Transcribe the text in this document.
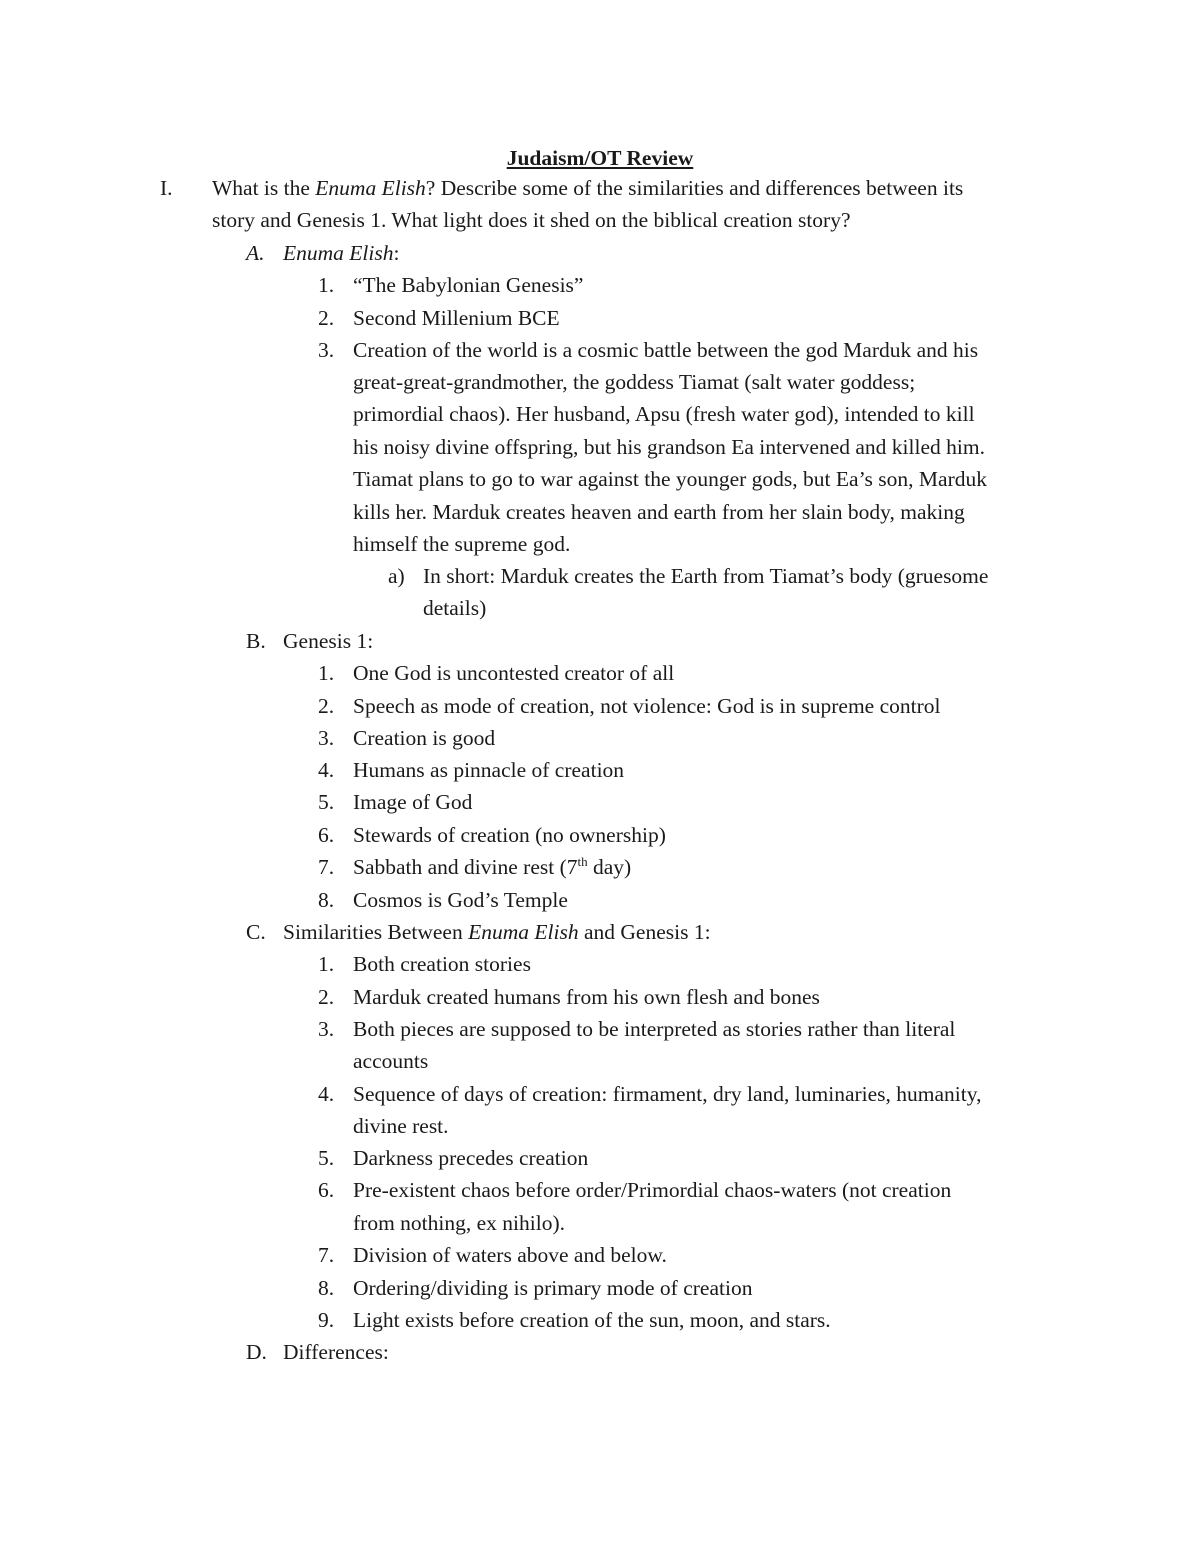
Judaism/OT Review
I. What is the Enuma Elish? Describe some of the similarities and differences between its
story and Genesis 1. What light does it shed on the biblical creation story?
A. Enuma Elish:
1. “The Babylonian Genesis”
2. Second Millenium BCE
3. Creation of the world is a cosmic battle between the god Marduk and his
great-great-grandmother, the goddess Tiamat (salt water goddess;
primordial chaos). Her husband, Apsu (fresh water god), intended to kill
his noisy divine offspring, but his grandson Ea intervened and killed him.
Tiamat plans to go to war against the younger gods, but Ea’s son, Marduk
kills her. Marduk creates heaven and earth from her slain body, making
himself the supreme god.
a) In short: Marduk creates the Earth from Tiamat’s body (gruesome
details)
B. Genesis 1:
1. One God is uncontested creator of all
2. Speech as mode of creation, not violence: God is in supreme control
3. Creation is good
4. Humans as pinnacle of creation
5. Image of God
6. Stewards of creation (no ownership)
7. Sabbath and divine rest (7th day)
8. Cosmos is God’s Temple
C. Similarities Between Enuma Elish and Genesis 1:
1. Both creation stories
2. Marduk created humans from his own flesh and bones
3. Both pieces are supposed to be interpreted as stories rather than literal
accounts
4. Sequence of days of creation: firmament, dry land, luminaries, humanity,
divine rest.
5. Darkness precedes creation
6. Pre-existent chaos before order/Primordial chaos-waters (not creation
from nothing, ex nihilo).
7. Division of waters above and below.
8. Ordering/dividing is primary mode of creation
9. Light exists before creation of the sun, moon, and stars.
D. Differences:
